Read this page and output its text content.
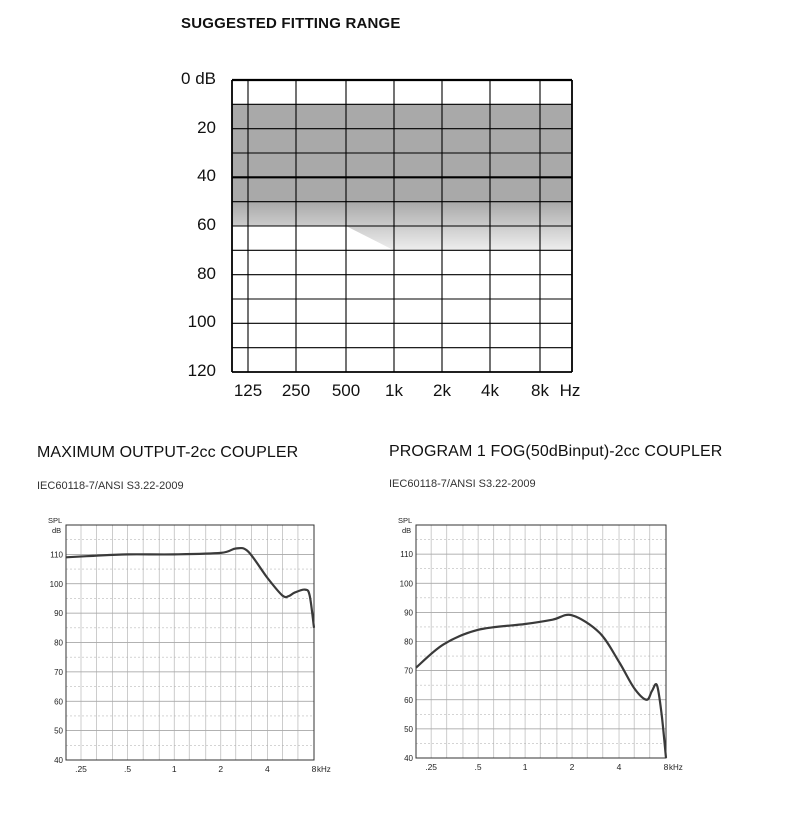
SUGGESTED FITTING RANGE
0 dB
20
40
60
80
100
120
125	250	500	1k	2k	4k	8k Hz
MAXIMUM OUTPUT-2cc COUPLER
IEC60118-7/ANSI S3.22-2009
40
50
60
70
80
90
100
110
.25	.5	1	2	4	8 kHz
SPL
dB
PROGRAM 1 FOG(50dBinput)-2cc COUPLER
IEC60118-7/ANSI S3.22-2009
40
50
60
70
80
90
100
110
.25	.5	1	2	4	8 kHz
SPL
dB
